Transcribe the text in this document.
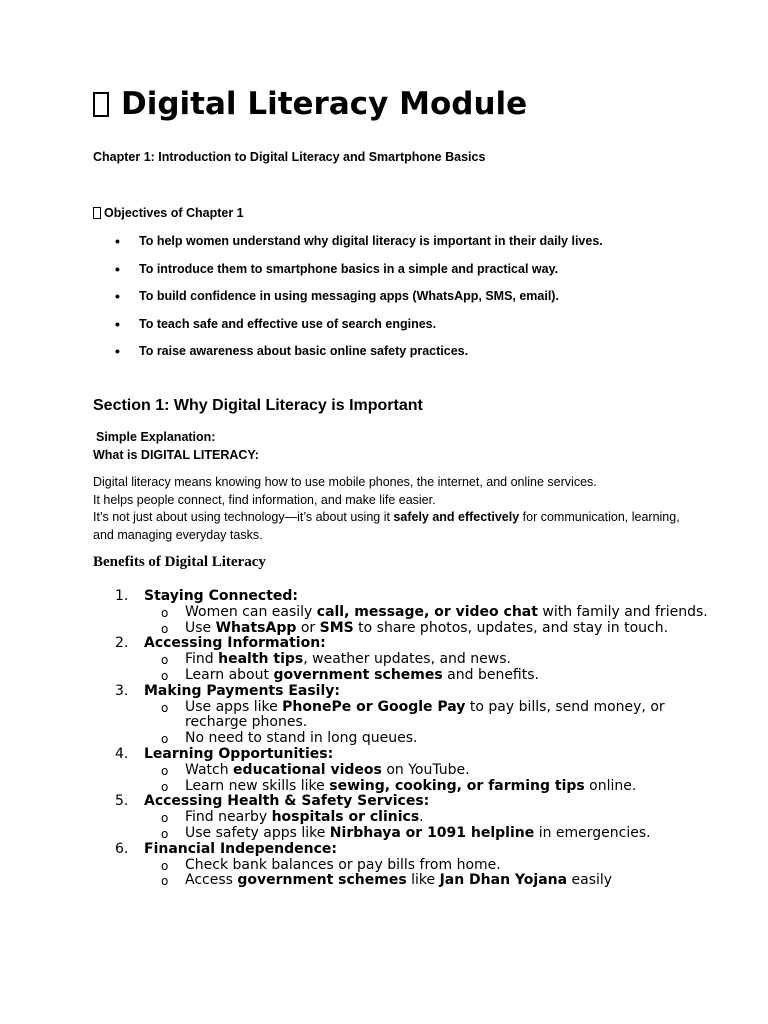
Digital Literacy Module
Chapter 1: Introduction to Digital Literacy and Smartphone Basics
Objectives of Chapter 1
• To help women understand why digital literacy is important in their daily lives.
• To introduce them to smartphone basics in a simple and practical way.
• To build confidence in using messaging apps (WhatsApp, SMS, email).
• To teach safe and effective use of search engines.
• To raise awareness about basic online safety practices.
Section 1: Why Digital Literacy is Important
Simple Explanation:
What is DIGITAL LITERACY:
Digital literacy means knowing how to use mobile phones, the internet, and online services.
It helps people connect, find information, and make life easier.
It’s not just about using technology—it’s about using it safely and effectively for communication, learning, and managing everyday tasks.
Benefits of Digital Literacy
1. Staying Connected:
o Women can easily call, message, or video chat with family and friends.
o Use WhatsApp or SMS to share photos, updates, and stay in touch.
2. Accessing Information:
o Find health tips, weather updates, and news.
o Learn about government schemes and benefits.
3. Making Payments Easily:
o Use apps like PhonePe or Google Pay to pay bills, send money, or recharge phones.
o No need to stand in long queues.
4. Learning Opportunities:
o Watch educational videos on YouTube.
o Learn new skills like sewing, cooking, or farming tips online.
5. Accessing Health & Safety Services:
o Find nearby hospitals or clinics.
o Use safety apps like Nirbhaya or 1091 helpline in emergencies.
6. Financial Independence:
o Check bank balances or pay bills from home.
o Access government schemes like Jan Dhan Yojana easily
